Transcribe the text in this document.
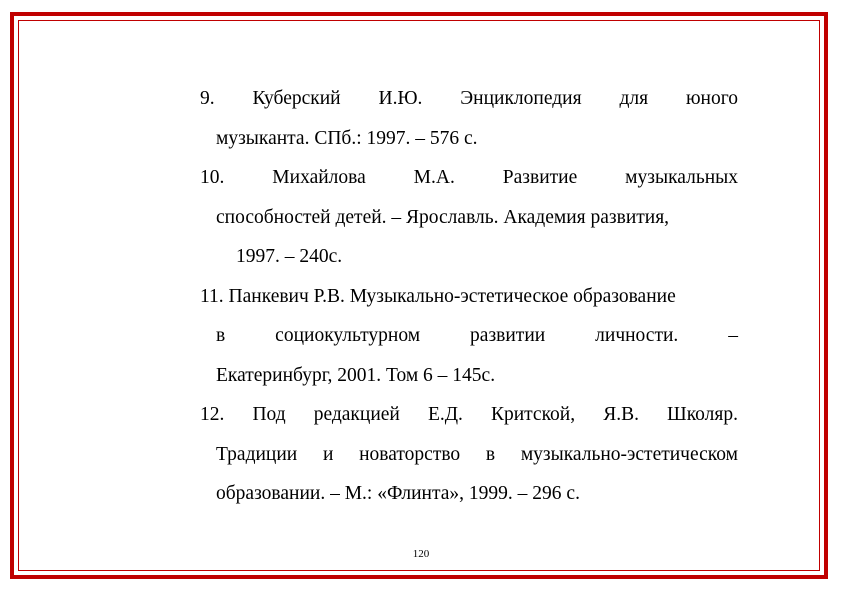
9. Куберский И.Ю. Энциклопедия для юного
музыканта. СПб.: 1997. – 576 с.
10. Михайлова М.А. Развитие музыкальных
способностей детей. – Ярославль. Академия развития,
1997. – 240с.
11. Панкевич Р.В. Музыкально-эстетическое образование
в социокультурном развитии личности. –
Екатеринбург, 2001. Том 6 – 145с.
12. Под редакцией Е.Д. Критской, Я.В. Школяр.
Традиции и новаторство в музыкально-эстетическом
образовании. – М.: «Флинта», 1999. – 296 с.
120
